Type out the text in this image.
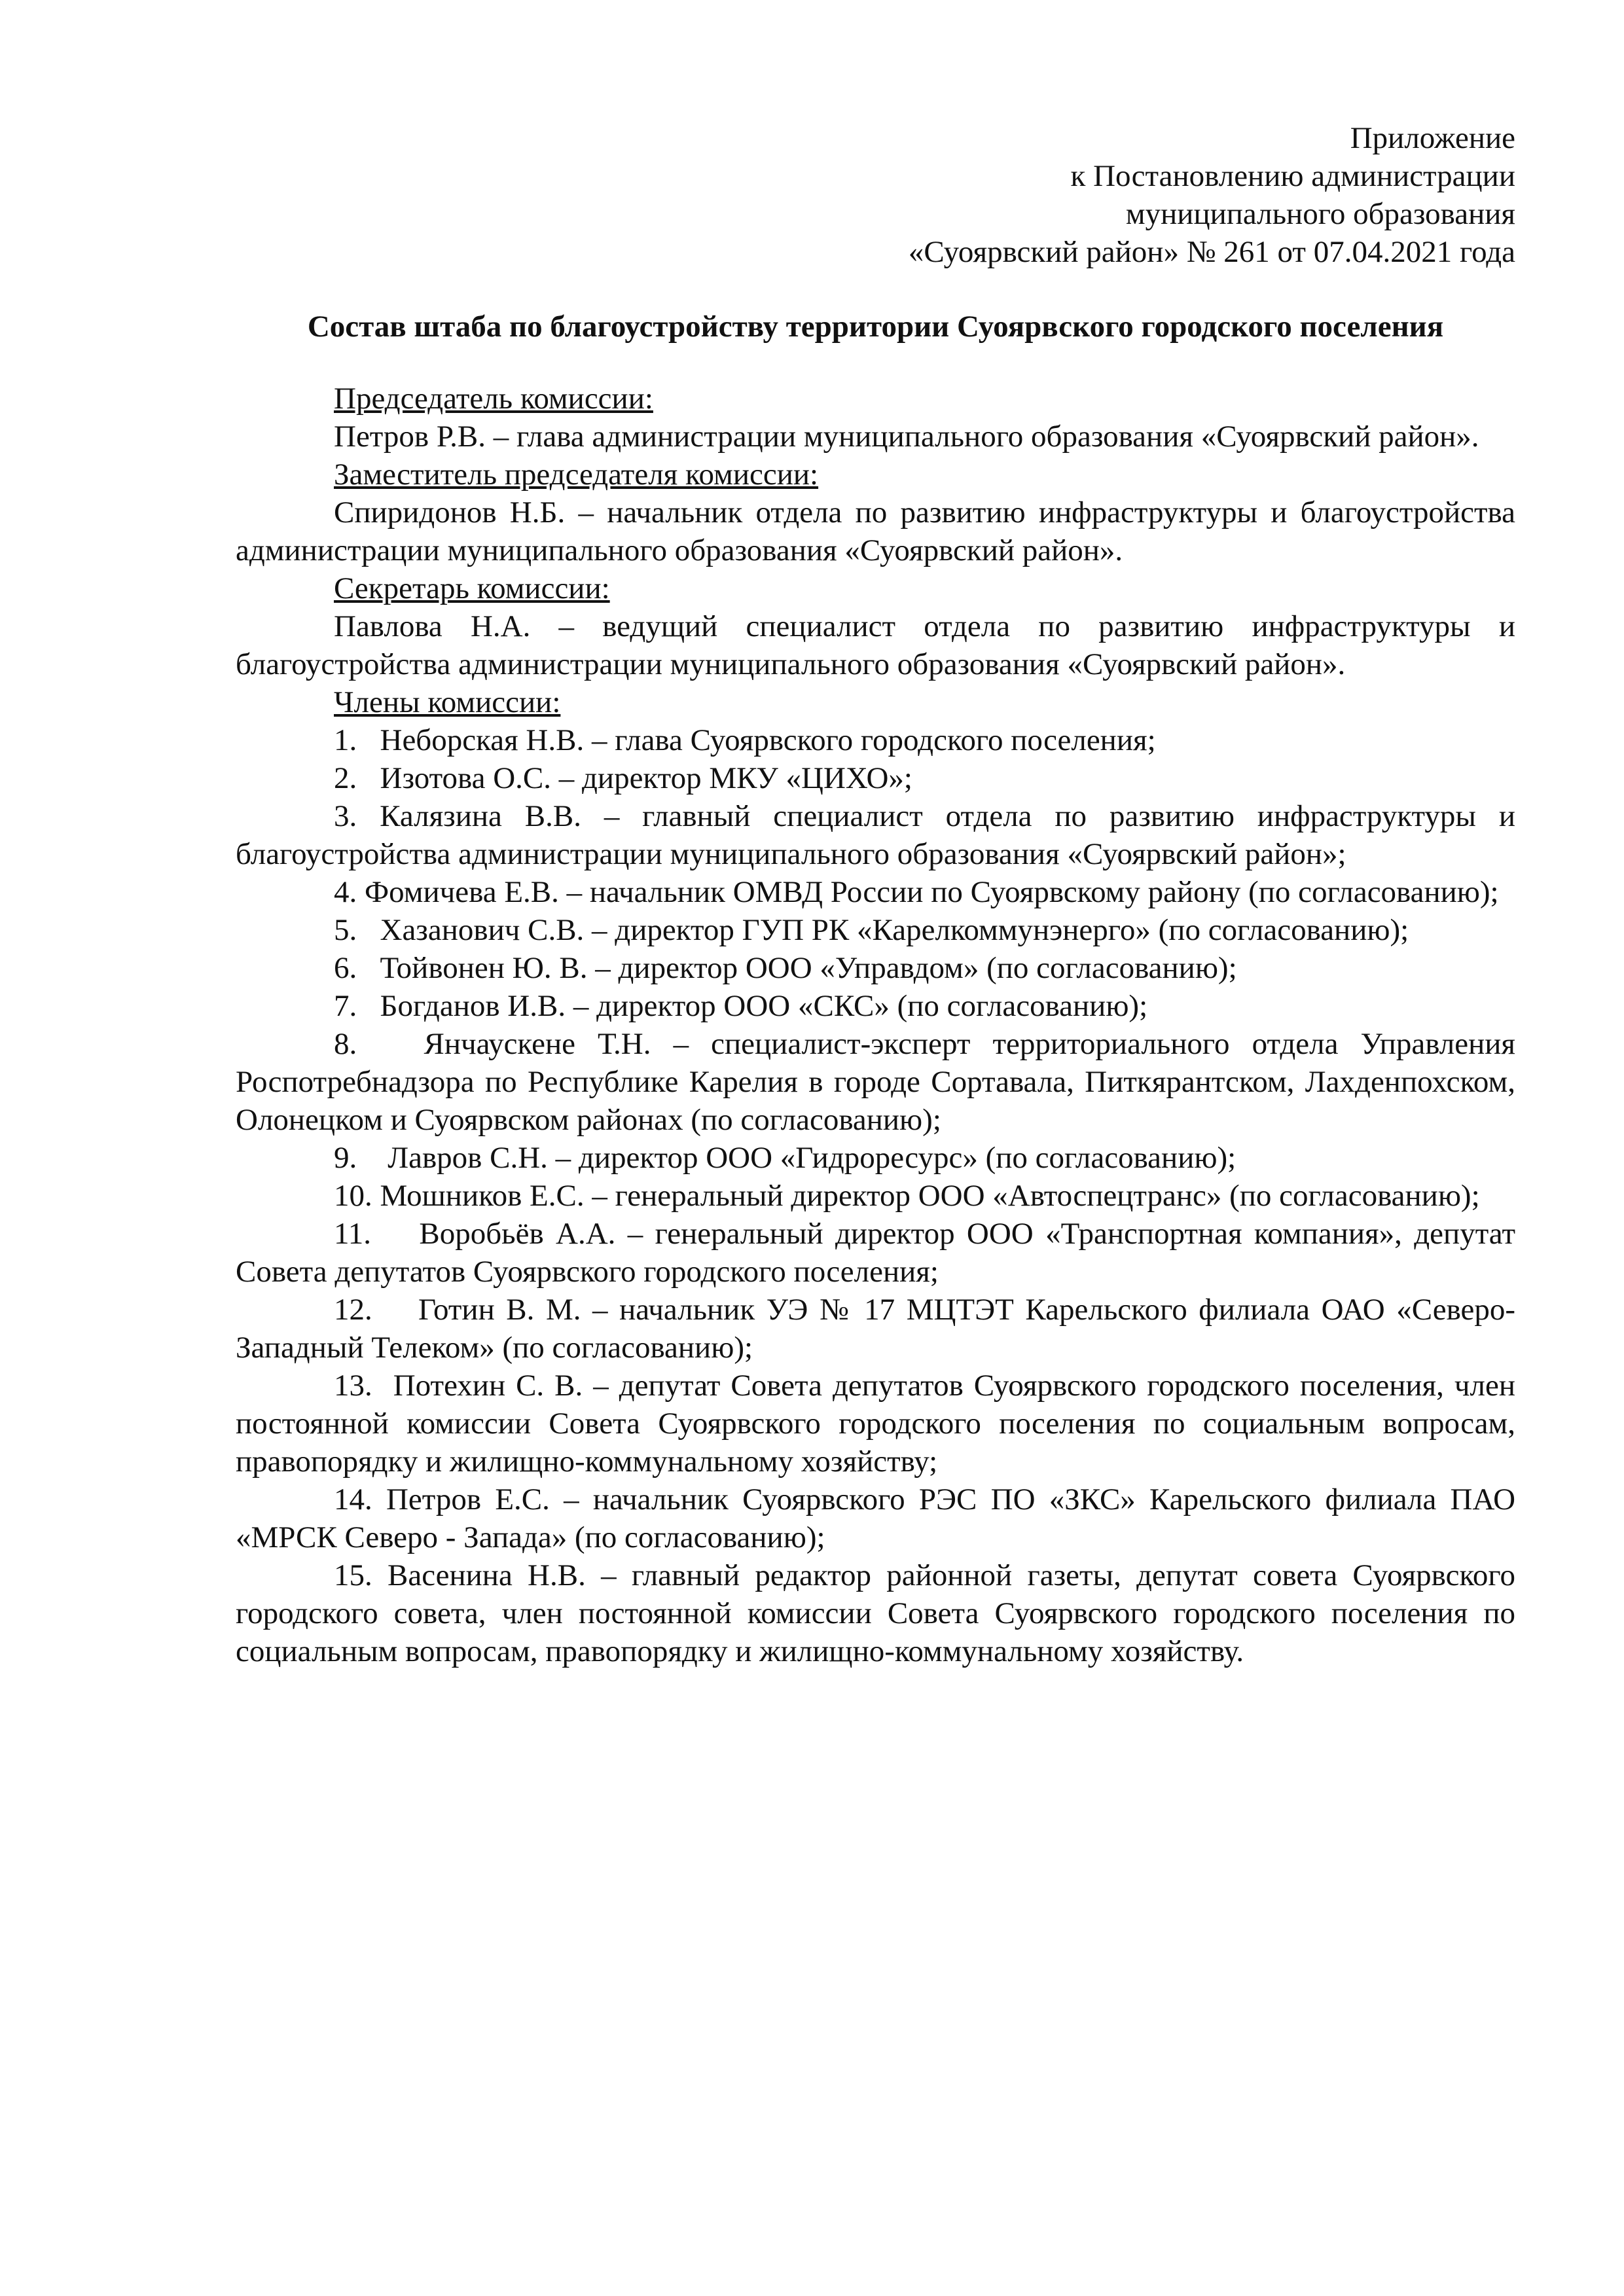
Приложение
к Постановлению администрации
муниципального образования
«Суоярвский район» № 261 от 07.04.2021 года
Состав штаба по благоустройству территории Суоярвского городского поселения
Председатель комиссии:
Петров Р.В. – глава администрации муниципального образования «Суоярвский район».
Заместитель председателя комиссии:
Спиридонов Н.Б. – начальник отдела по развитию инфраструктуры и благоустройства администрации муниципального образования «Суоярвский район».
Секретарь комиссии:
Павлова Н.А. – ведущий специалист отдела по развитию инфраструктуры и благоустройства администрации муниципального образования «Суоярвский район».
Члены комиссии:
1. Неборская Н.В. – глава Суоярвского городского поселения;
2. Изотова О.С. – директор МКУ «ЦИХО»;
3. Калязина В.В. – главный специалист отдела по развитию инфраструктуры и благоустройства администрации муниципального образования «Суоярвский район»;
4. Фомичева Е.В. – начальник ОМВД России по Суоярвскому району (по согласованию);
5. Хазанович С.В. – директор ГУП РК «Карелкоммунэнерго» (по согласованию);
6. Тойвонен Ю. В. – директор ООО «Управдом» (по согласованию);
7. Богданов И.В. – директор ООО «СКС» (по согласованию);
8. Янчаускене Т.Н. – специалист-эксперт территориального отдела Управления Роспотребнадзора по Республике Карелия в городе Сортавала, Питкярантском, Лахденпохском, Олонецком и Суоярвском районах (по согласованию);
9. Лавров С.Н. – директор ООО «Гидроресурс» (по согласованию);
10. Мошников Е.С. – генеральный директор ООО «Автоспецтранс» (по согласованию);
11. Воробьёв А.А. – генеральный директор ООО «Транспортная компания», депутат Совета депутатов Суоярвского городского поселения;
12. Готин В. М. – начальник УЭ № 17 МЦТЭТ Карельского филиала ОАО «Северо-Западный Телеком» (по согласованию);
13. Потехин С. В. – депутат Совета депутатов Суоярвского городского поселения, член постоянной комиссии Совета Суоярвского городского поселения по социальным вопросам, правопорядку и жилищно-коммунальному хозяйству;
14. Петров Е.С. – начальник Суоярвского РЭС ПО «ЗКС» Карельского филиала ПАО «МРСК Северо - Запада» (по согласованию);
15. Васенина Н.В. – главный редактор районной газеты, депутат совета Суоярвского городского совета, член постоянной комиссии Совета Суоярвского городского поселения по социальным вопросам, правопорядку и жилищно-коммунальному хозяйству.
